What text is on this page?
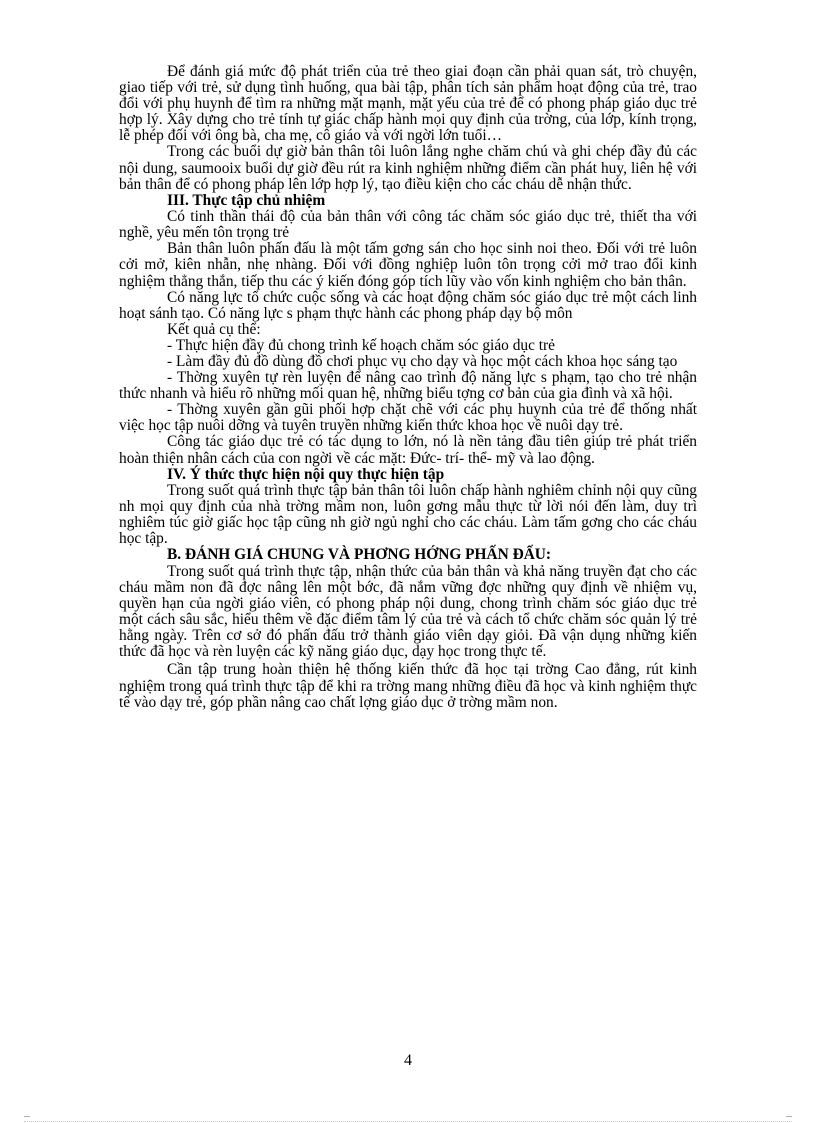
Để đánh giá mức độ phát triển của trẻ theo giai đoạn cần phải quan sát, trò chuyện, giao tiếp với trẻ, sử dụng tình huống, qua bài tập, phân tích sản phẩm hoạt động của trẻ, trao đổi với phụ huynh để tìm ra những mặt mạnh, mặt yếu của trẻ để có phong pháp giáo dục trẻ hợp lý. Xây dựng cho trẻ tính tự giác chấp hành mọi quy định của trờng, của lớp, kính trọng, lễ phép đối với ông bà, cha mẹ, cô giáo và với ngời lớn tuổi…

Trong các buổi dự giờ bản thân tôi luôn lắng nghe chăm chú và ghi chép đầy đủ các nội dung, saumooix buổi dự giờ đều rút ra kinh nghiệm những điểm cần phát huy, liên hệ với bản thân để có phong pháp lên lớp hợp lý, tạo điều kiện cho các cháu dễ nhận thức.

III. Thực tập chủ nhiệm

Có tinh thần thái độ của bản thân với công tác chăm sóc giáo dục trẻ, thiết tha với nghề, yêu mến tôn trọng trẻ

Bản thân luôn phấn đấu là một tấm gơng sán cho học sinh noi theo. Đối với trẻ luôn cởi mở, kiên nhẫn, nhẹ nhàng. Đối với đồng nghiệp luôn tôn trọng cởi mở trao đổi kinh nghiệm thẳng thắn, tiếp thu các ý kiến đóng góp tích lũy vào vốn kinh nghiệm cho bản thân.

Có năng lực tổ chức cuộc sống và các hoạt động chăm sóc giáo dục trẻ một cách linh hoạt sánh tạo. Có năng lực s phạm thực hành các phong pháp dạy bộ môn

Kết quả cụ thể:

- Thực hiện đầy đủ chong trình kế hoạch chăm sóc giáo dục trẻ

- Làm đầy đủ đồ dùng đồ chơi phục vụ cho dạy và học một cách khoa học sáng tạo

- Thờng xuyên tự rèn luyện để nâng cao trình độ năng lực s phạm, tạo cho trẻ nhận thức nhanh và hiểu rõ những mối quan hệ, những biểu tợng cơ bản của gia đình và xã hội.

- Thờng xuyên gần gũi phối hợp chặt chẽ với các phụ huynh của trẻ để thống nhất việc học tập nuôi dỡng và tuyên truyền những kiến thức khoa học về nuôi dạy trẻ.

Công tác giáo dục trẻ có tác dụng to lớn, nó là nền tảng đầu tiên giúp trẻ phát triển hoàn thiện nhân cách của con ngời về các mặt: Đức- trí- thể- mỹ và lao động.

IV. Ý thức thực hiện nội quy thực hiện tập

Trong suốt quá trình thực tập bản thân tôi luôn chấp hành nghiêm chỉnh nội quy cũng nh mọi quy định của nhà trờng mầm non, luôn gơng mẫu thực từ lời nói đến làm, duy trì nghiêm túc giờ giấc học tập cũng nh giờ ngủ nghỉ cho các cháu. Làm tấm gơng cho các cháu học tập.

B. ĐÁNH GIÁ CHUNG VÀ PHƠNG HỚNG PHẤN ĐẤU:

Trong suốt quá trình thực tập, nhận thức của bản thân và khả năng truyền đạt cho các cháu mầm non đã đợc nâng lên một bớc, đã nắm vững đợc những quy định về nhiệm vụ, quyền hạn của ngời giáo viên, có phong pháp nội dung, chong trình chăm sóc giáo dục trẻ một cách sâu sắc, hiểu thêm về đặc điểm tâm lý của trẻ và cách tổ chức chăm sóc quản lý trẻ hằng ngày. Trên cơ sở đó phấn đấu trở thành giáo viên dạy giỏi. Đã vận dụng những kiến thức đã học và rèn luyện các kỹ năng giáo dục, dạy học trong thực tế.

Cần tập trung hoàn thiện hệ thống kiến thức đã học tại trờng Cao đẳng, rút kinh nghiệm trong quá trình thực tập để khi ra trờng mang những điều đã học và kinh nghiệm thực tế vào dạy trẻ, góp phần nâng cao chất lợng giáo dục ở trờng mầm non.

4
